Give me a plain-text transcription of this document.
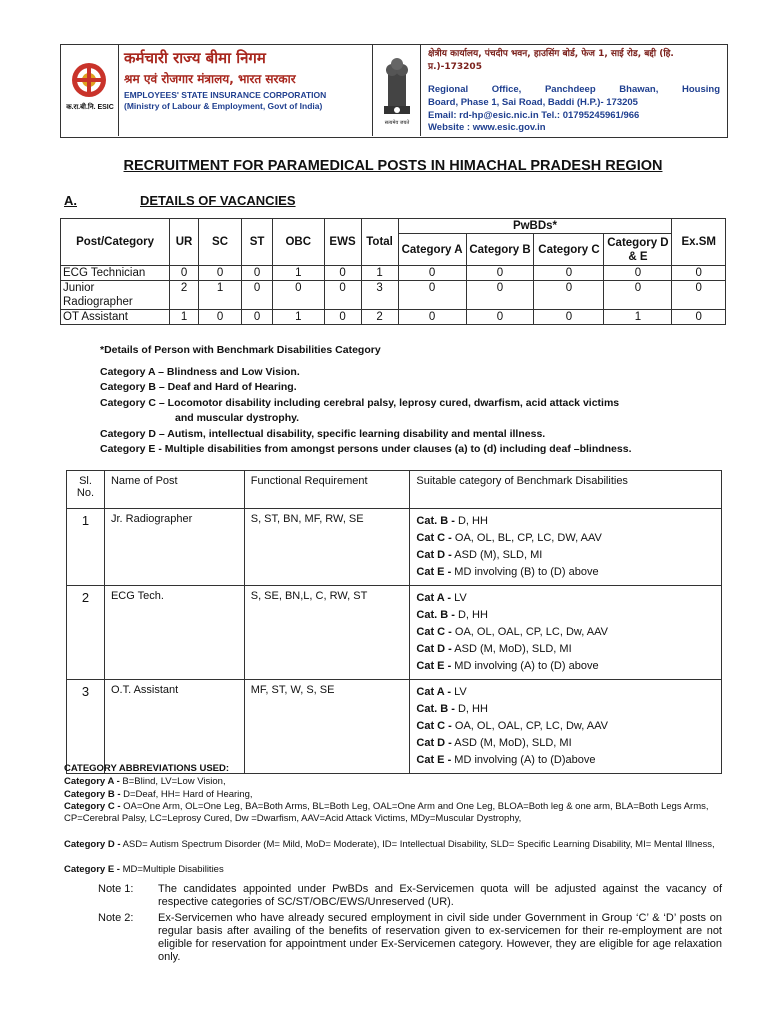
क.रा.बी.नि. ESIC
कर्मचारी राज्य बीमा निगम
श्रम एवं रोजगार मंत्रालय, भारत सरकार
EMPLOYEES' STATE INSURANCE CORPORATION
(Ministry of Labour & Employment, Govt of India)
सत्यमेव जयते
क्षेत्रीय कार्यालय, पंचदीप भवन, हाउसिंग बोर्ड, फेज 1, साई रोड, बद्दी (हि. प्र.)-173205
Regional Office, Panchdeep Bhawan, Housing
Board, Phase 1, Sai Road, Baddi (H.P.)- 173205
Email: rd-hp@esic.nic.in Tel.: 01795245961/966
Website : www.esic.gov.in
RECRUITMENT FOR PARAMEDICAL POSTS IN HIMACHAL PRADESH REGION
A.	DETAILS OF VACANCIES
Post/Category	UR	SC	ST	OBC	EWS	Total	PwBDs*				Ex.SM
							Category A	Category B	Category C	Category D & E	
ECG Technician	0	0	0	1	0	1	0	0	0	0	0
Junior Radiographer	2	1	0	0	0	3	0	0	0	0	0
OT Assistant	1	0	0	1	0	2	0	0	0	1	0
*Details of Person with Benchmark Disabilities Category
Category A – Blindness and Low Vision.
Category B – Deaf and Hard of Hearing.
Category C – Locomotor disability including cerebral palsy, leprosy cured, dwarfism, acid attack victims
and muscular dystrophy.
Category D – Autism, intellectual disability, specific learning disability and mental illness.
Category E - Multiple disabilities from amongst persons under clauses (a) to (d) including deaf –blindness.
Sl. No.	Name of Post	Functional Requirement	Suitable category of Benchmark Disabilities
1	Jr. Radiographer	S, ST, BN, MF, RW, SE	Cat. B - D, HH
Cat C - OA, OL, BL, CP, LC, DW, AAV
Cat D - ASD (M), SLD, MI
Cat E - MD involving (B) to (D) above

2	ECG Tech.	S, SE, BN,L, C, RW, ST	Cat A - LV
Cat. B - D, HH
Cat C - OA, OL, OAL, CP, LC, Dw, AAV
Cat D - ASD (M, MoD), SLD, MI
Cat E - MD involving (A) to (D) above

3	O.T. Assistant	MF, ST, W, S, SE	Cat A - LV
Cat. B - D, HH
Cat C - OA, OL, OAL, CP, LC, Dw, AAV
Cat D - ASD (M, MoD), SLD, MI
Cat E - MD involving (A) to (D)above
CATEGORY ABBREVIATIONS USED:
Category A - B=Blind, LV=Low Vision,
Category B - D=Deaf, HH= Hard of Hearing,
Category C - OA=One Arm, OL=One Leg, BA=Both Arms, BL=Both Leg, OAL=One Arm and One Leg, BLOA=Both leg & one arm, BLA=Both Legs Arms, CP=Cerebral Palsy, LC=Leprosy Cured, Dw =Dwarfism, AAV=Acid Attack Victims, MDy=Muscular Dystrophy,
Category D - ASD= Autism Spectrum Disorder (M= Mild, MoD= Moderate), ID= Intellectual Disability, SLD= Specific Learning Disability, MI= Mental Illness,
Category E - MD=Multiple Disabilities
Note 1: The candidates appointed under PwBDs and Ex-Servicemen quota will be adjusted against the vacancy of respective categories of SC/ST/OBC/EWS/Unreserved (UR).
Note 2: Ex-Servicemen who have already secured employment in civil side under Government in Group ‘C’ & ‘D’ posts on regular basis after availing of the benefits of reservation given to ex-servicemen for their re-employment are not eligible for reservation for appointment under Ex-Servicemen category. However, they are eligible for age relaxation only.
